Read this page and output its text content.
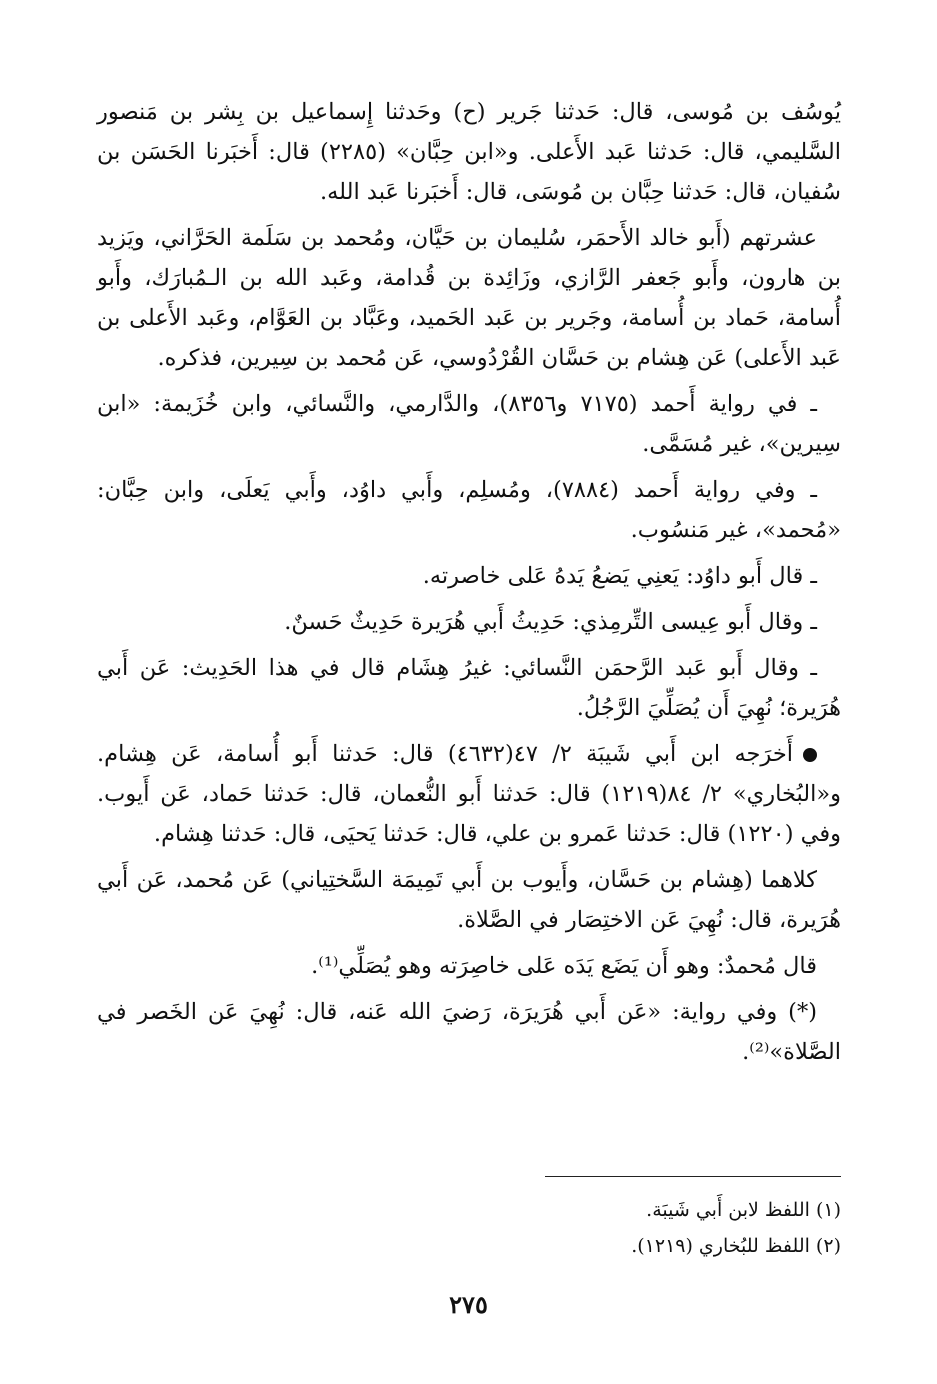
يُوسُف بن مُوسى، قال: حَدثنا جَرير (ح) وحَدثنا إِسماعيل بن بِشر بن مَنصور السَّليمي، قال: حَدثنا عَبد الأَعلى. و«ابن حِبَّان» (٢٢٨٥) قال: أَخبَرنا الحَسَن بن سُفيان، قال: حَدثنا حِبَّان بن مُوسَى، قال: أَخبَرنا عَبد الله.

عشرتهم (أَبو خالد الأَحمَر، سُليمان بن حَيَّان، ومُحمد بن سَلَمة الحَرَّاني، ويَزيد بن هارون، وأَبو جَعفر الرَّازي، وزَائِدة بن قُدامة، وعَبد الله بن الـمُبارَك، وأَبو أُسامة، حَماد بن أُسامة، وجَرير بن عَبد الحَميد، وعَبَّاد بن العَوَّام، وعَبد الأَعلى بن عَبد الأَعلى) عَن هِشام بن حَسَّان القُرْدُوسي، عَن مُحمد بن سِيرين، فذكره.

ـ في رواية أَحمد (٧١٧٥ و٨٣٥٦)، والدَّارمي، والنَّسائي، وابن خُزَيمة: «ابن سِيرين»، غير مُسَمَّى.

ـ وفي رواية أَحمد (٧٨٨٤)، ومُسلِم، وأَبي داوُد، وأَبي يَعلَى، وابن حِبَّان: «مُحمد»، غير مَنسُوب.

ـ قال أَبو داوُد: يَعنِي يَضعُ يَدهُ عَلى خاصرته.

ـ وقال أَبو عِيسى التِّرمِذي: حَدِيثُ أَبي هُرَيرة حَدِيثٌ حَسنٌ.

ـ وقال أَبو عَبد الرَّحمَن النَّسائي: غيرُ هِشَام قال في هذا الحَدِيث: عَن أَبي هُرَيرة؛ نُهِيَ أَن يُصَلِّيَ الرَّجُلُ.

أَخرَجه ابن أَبي شَيبَة ٢/ ٤٧(٤٦٣٢) قال: حَدثنا أَبو أُسامة، عَن هِشام. و«البُخاري» ٢/ ٨٤(١٢١٩) قال: حَدثنا أَبو النُّعمان، قال: حَدثنا حَماد، عَن أَيوب. وفي (١٢٢٠) قال: حَدثنا عَمرو بن علي، قال: حَدثنا يَحيَى، قال: حَدثنا هِشام.

كلاهما (هِشام بن حَسَّان، وأَيوب بن أَبي تَمِيمَة السَّختِياني) عَن مُحمد، عَن أَبي هُرَيرة، قال: نُهِيَ عَن الاختِصَار في الصَّلاة.

قال مُحمدٌ: وهو أَن يَضَع يَدَه عَلى خاصِرَته وهو يُصَلِّي⁽¹⁾.

(*) وفي رواية: «عَن أَبي هُرَيرَة، رَضيَ الله عَنه، قال: نُهِيَ عَن الخَصر في الصَّلاة»⁽²⁾.

(١) اللفظ لابن أَبي شَيبَة.

(٢) اللفظ للبُخاري (١٢١٩).

٢٧٥
